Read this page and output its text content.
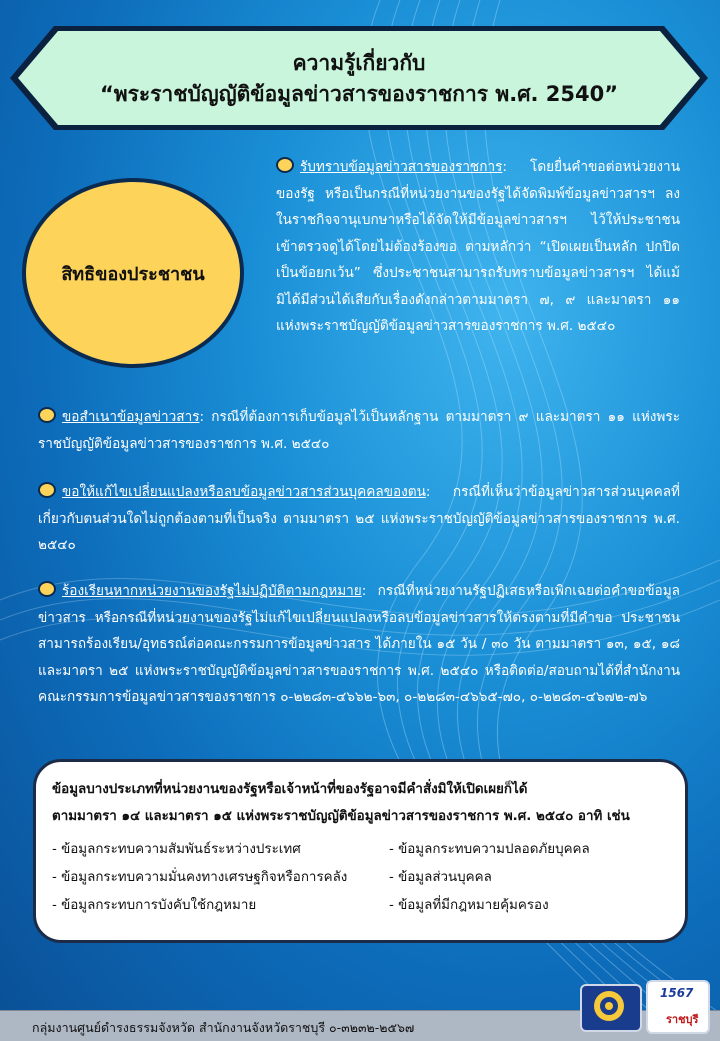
ความรู้เกี่ยวกับ
“พระราชบัญญัติข้อมูลข่าวสารของราชการ พ.ศ. 2540”
สิทธิของประชาชน
รับทราบข้อมูลข่าวสารของราชการ: โดยยื่นคำขอต่อหน่วยงานของรัฐ หรือเป็นกรณีที่หน่วยงานของรัฐได้จัดพิมพ์ข้อมูลข่าวสารฯ ลงในราชกิจจานุเบกษาหรือได้จัดให้มีข้อมูลข่าวสารฯ ไว้ให้ประชาชนเข้าตรวจดูได้โดยไม่ต้องร้องขอ ตามหลักว่า “เปิดเผยเป็นหลัก ปกปิดเป็นข้อยกเว้น” ซึ่งประชาชนสามารถรับทราบข้อมูลข่าวสารฯ ได้แม้มิได้มีส่วนได้เสียกับเรื่องดังกล่าวตามมาตรา ๗, ๙ และมาตรา ๑๑ แห่งพระราชบัญญัติข้อมูลข่าวสารของราชการ พ.ศ. ๒๕๔๐
ขอสำเนาข้อมูลข่าวสาร: กรณีที่ต้องการเก็บข้อมูลไว้เป็นหลักฐาน ตามมาตรา ๙ และมาตรา ๑๑ แห่งพระราชบัญญัติข้อมูลข่าวสารของราชการ พ.ศ. ๒๕๔๐
ขอให้แก้ไขเปลี่ยนแปลงหรือลบข้อมูลข่าวสารส่วนบุคคลของตน: กรณีที่เห็นว่าข้อมูลข่าวสารส่วนบุคคลที่เกี่ยวกับตนส่วนใดไม่ถูกต้องตามที่เป็นจริง ตามมาตรา ๒๕ แห่งพระราชบัญญัติข้อมูลข่าวสารของราชการ พ.ศ. ๒๕๔๐
ร้องเรียนหากหน่วยงานของรัฐไม่ปฏิบัติตามกฎหมาย: กรณีที่หน่วยงานรัฐปฏิเสธหรือเพิกเฉยต่อคำขอข้อมูลข่าวสาร หรือกรณีที่หน่วยงานของรัฐไม่แก้ไขเปลี่ยนแปลงหรือลบข้อมูลข่าวสารให้ตรงตามที่มีคำขอ ประชาชนสามารถร้องเรียน/อุทธรณ์ต่อคณะกรรมการข้อมูลข่าวสาร ได้ภายใน ๑๕ วัน / ๓๐ วัน ตามมาตรา ๑๓, ๑๕, ๑๘ และมาตรา ๒๕ แห่งพระราชบัญญัติข้อมูลข่าวสารของราชการ พ.ศ. ๒๕๔๐ หรือติดต่อ/สอบถามได้ที่สำนักงานคณะกรรมการข้อมูลข่าวสารของราชการ ๐-๒๒๘๓-๔๖๖๒-๖๓, ๐-๒๒๘๓-๔๖๖๕-๗๐, ๐-๒๒๘๓-๔๖๗๒-๗๖
ข้อมูลบางประเภทที่หน่วยงานของรัฐหรือเจ้าหน้าที่ของรัฐอาจมีคำสั่งมิให้เปิดเผยก็ได้
ตามมาตรา ๑๔ และมาตรา ๑๕ แห่งพระราชบัญญัติข้อมูลข่าวสารของราชการ พ.ศ. ๒๕๔๐ อาทิ เช่น
- ข้อมูลกระทบความสัมพันธ์ระหว่างประเทศ
- ข้อมูลกระทบความมั่นคงทางเศรษฐกิจหรือการคลัง
- ข้อมูลกระทบการบังคับใช้กฎหมาย
- ข้อมูลกระทบความปลอดภัยบุคคล
- ข้อมูลส่วนบุคคล
- ข้อมูลที่มีกฎหมายคุ้มครอง
กลุ่มงานศูนย์ดำรงธรรมจังหวัด สำนักงานจังหวัดราชบุรี ๐-๓๒๓๒-๒๕๖๗
1567
ราชบุรี
